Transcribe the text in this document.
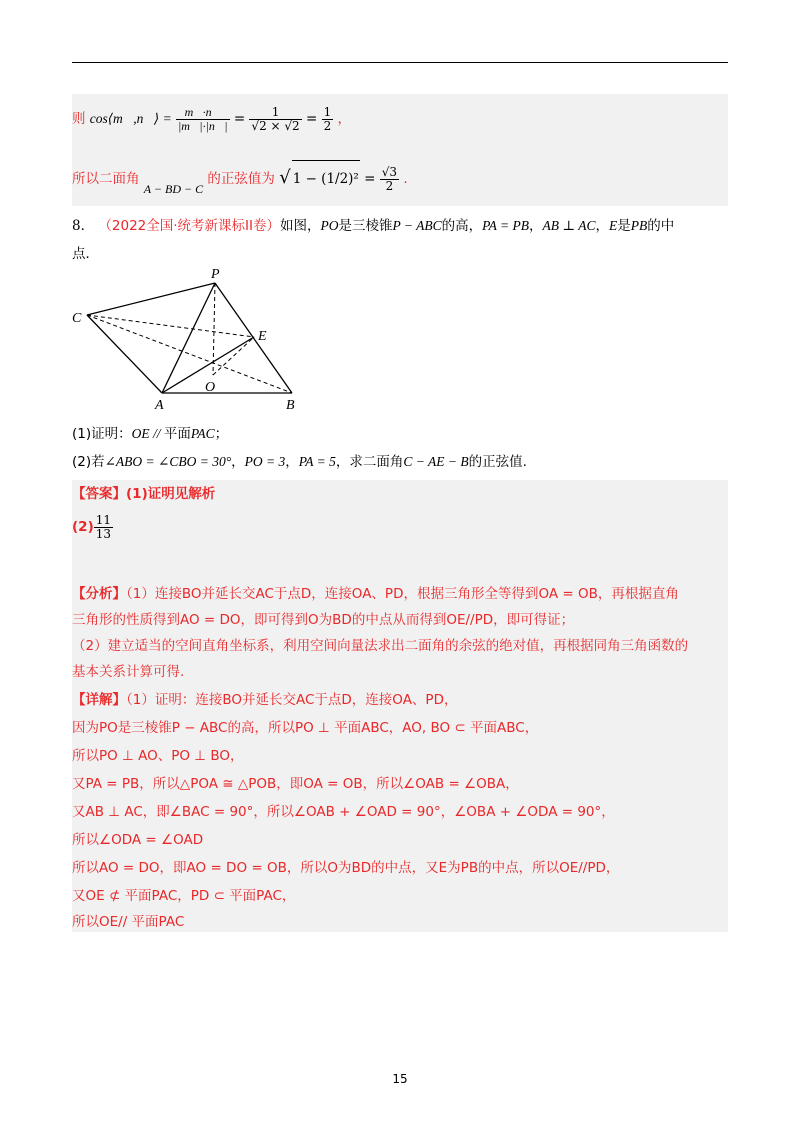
则 cos⟨m⃗,n⃗⟩ = $\frac{m⃗\cdot n⃗}{|m⃗|\cdot|n⃗|} = \frac{1}{√2 \times √2} = \frac{1}{2}$ ，
所以二面角 A − BD − C 的正弦值为 √ $1 - (1/2)^2 = \frac{√3}{2}$ .
8． （2022全国·统考新课标II卷）如图，PO是三棱锥P − ABC的高，PA = PB，AB ⊥ AC，E是PB的中
点．
P
C
E
O
A	B
(1)证明：OE // 平面PAC；
(2)若∠ABO = ∠CBO = 30°，PO = 3，PA = 5，求二面角C − AE − B的正弦值.
【答案】(1)证明见解析
$(2) \frac{11}{13}$
【分析】（1）连接BO并延长交AC于点D，连接OA、PD，根据三角形全等得到OA = OB，再根据直角
三角形的性质得到AO = DO，即可得到O为BD的中点从而得到OE//PD，即可得证；
（2）建立适当的空间直角坐标系，利用空间向量法求出二面角的余弦的绝对值，再根据同角三角函数的
基本关系计算可得.
【详解】（1）证明：连接BO并延长交AC于点D，连接OA、PD，
因为PO是三棱锥P − ABC的高，所以PO ⊥ 平面ABC，AO, BO ⊂ 平面ABC，
所以PO ⊥ AO、PO ⊥ BO，
又PA = PB，所以△POA ≅ △POB，即OA = OB，所以∠OAB = ∠OBA，
又AB ⊥ AC，即∠BAC = 90°，所以∠OAB + ∠OAD = 90°，∠OBA + ∠ODA = 90°，
所以∠ODA = ∠OAD
所以AO = DO，即AO = DO = OB，所以O为BD的中点，又E为PB的中点，所以OE//PD，
又OE ⊄ 平面PAC，PD ⊂ 平面PAC，
所以OE// 平面PAC
15
